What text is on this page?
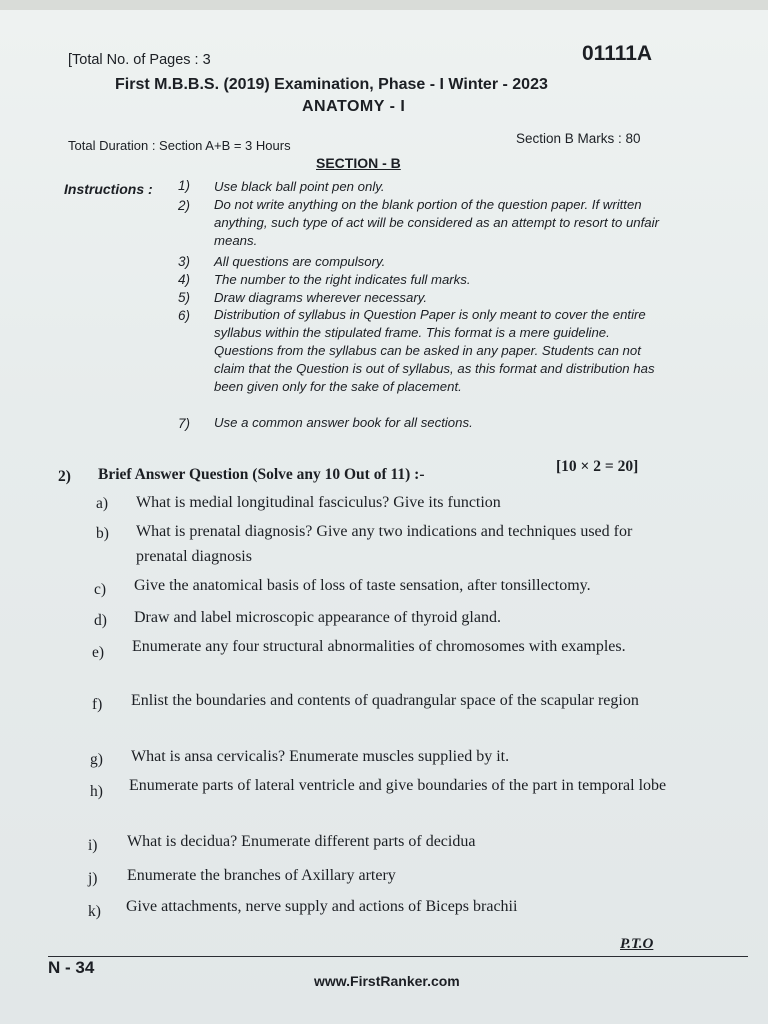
[Total No. of Pages : 3	01111A
First M.B.B.S. (2019) Examination, Phase - I Winter - 2023
ANATOMY - I
Total Duration : Section A+B = 3 Hours	Section B Marks : 80
SECTION - B
Instructions : 1) Use black ball point pen only.
2) Do not write anything on the blank portion of the question paper. If written anything, such type of act will be considered as an attempt to resort to unfair means.
3) All questions are compulsory.
4) The number to the right indicates full marks.
5) Draw diagrams wherever necessary.
6) Distribution of syllabus in Question Paper is only meant to cover the entire syllabus within the stipulated frame. This format is a mere guideline. Questions from the syllabus can be asked in any paper. Students can not claim that the Question is out of syllabus, as this format and distribution has been given only for the sake of placement.
7) Use a common answer book for all sections.
2) Brief Answer Question (Solve any 10 Out of 11) :-	[10 × 2 = 20]
a) What is medial longitudinal fasciculus? Give its function
b) What is prenatal diagnosis? Give any two indications and techniques used for prenatal diagnosis
c) Give the anatomical basis of loss of taste sensation, after tonsillectomy.
d) Draw and label microscopic appearance of thyroid gland.
e) Enumerate any four structural abnormalities of chromosomes with examples.
f) Enlist the boundaries and contents of quadrangular space of the scapular region
g) What is ansa cervicalis? Enumerate muscles supplied by it.
h) Enumerate parts of lateral ventricle and give boundaries of the part in temporal lobe
i) What is decidua? Enumerate different parts of decidua
j) Enumerate the branches of Axillary artery
k) Give attachments, nerve supply and actions of Biceps brachii
P.T.O
N - 34
www.FirstRanker.com
